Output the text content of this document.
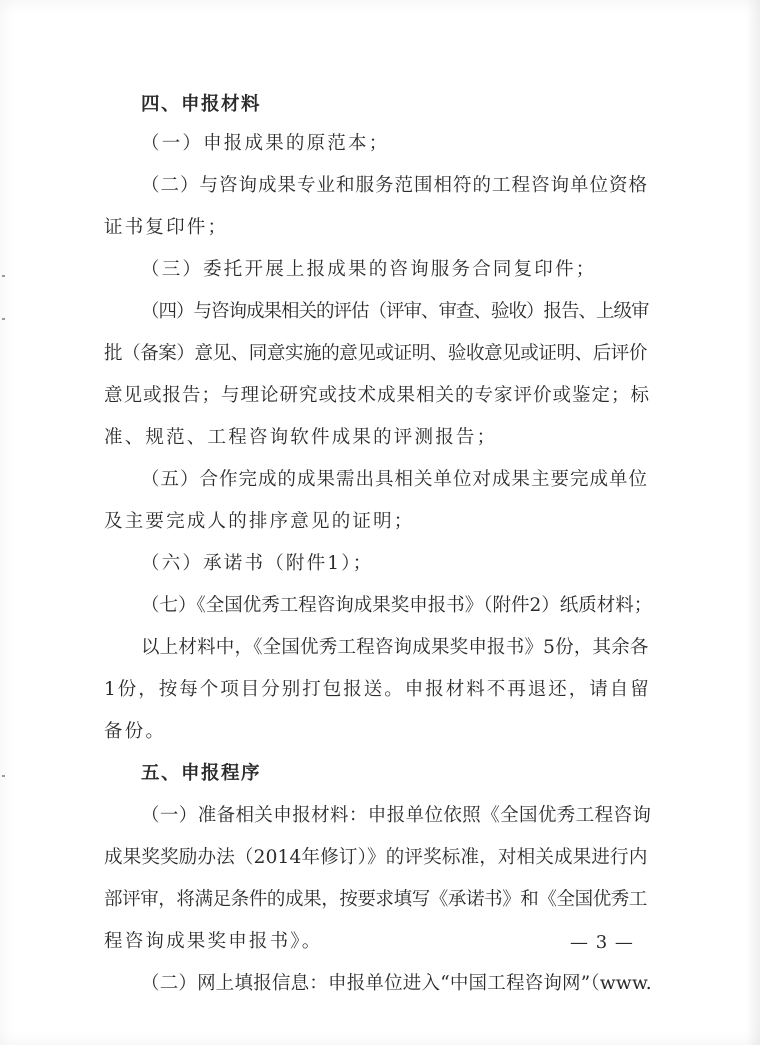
四、申报材料
（一）申报成果的原范本；
（二）与咨询成果专业和服务范围相符的工程咨询单位资格
证书复印件；
（三）委托开展上报成果的咨询服务合同复印件；
（四）与咨询成果相关的评估（评审、审查、验收）报告、上级审
批（备案）意见、同意实施的意见或证明、验收意见或证明、后评价
意见或报告；与理论研究或技术成果相关的专家评价或鉴定；标
准、规范、工程咨询软件成果的评测报告；
（五）合作完成的成果需出具相关单位对成果主要完成单位
及主要完成人的排序意见的证明；
（六）承诺书（附件1）；
（七）《全国优秀工程咨询成果奖申报书》（附件2）纸质材料；
以上材料中，《全国优秀工程咨询成果奖申报书》5份，其余各
1份，按每个项目分别打包报送。申报材料不再退还，请自留
备份。
五、申报程序
（一）准备相关申报材料：申报单位依照《全国优秀工程咨询
成果奖奖励办法（2014年修订）》的评奖标准，对相关成果进行内
部评审，将满足条件的成果，按要求填写《承诺书》和《全国优秀工
程咨询成果奖申报书》。
（二）网上填报信息：申报单位进入“中国工程咨询网”（www.
— 3 —
